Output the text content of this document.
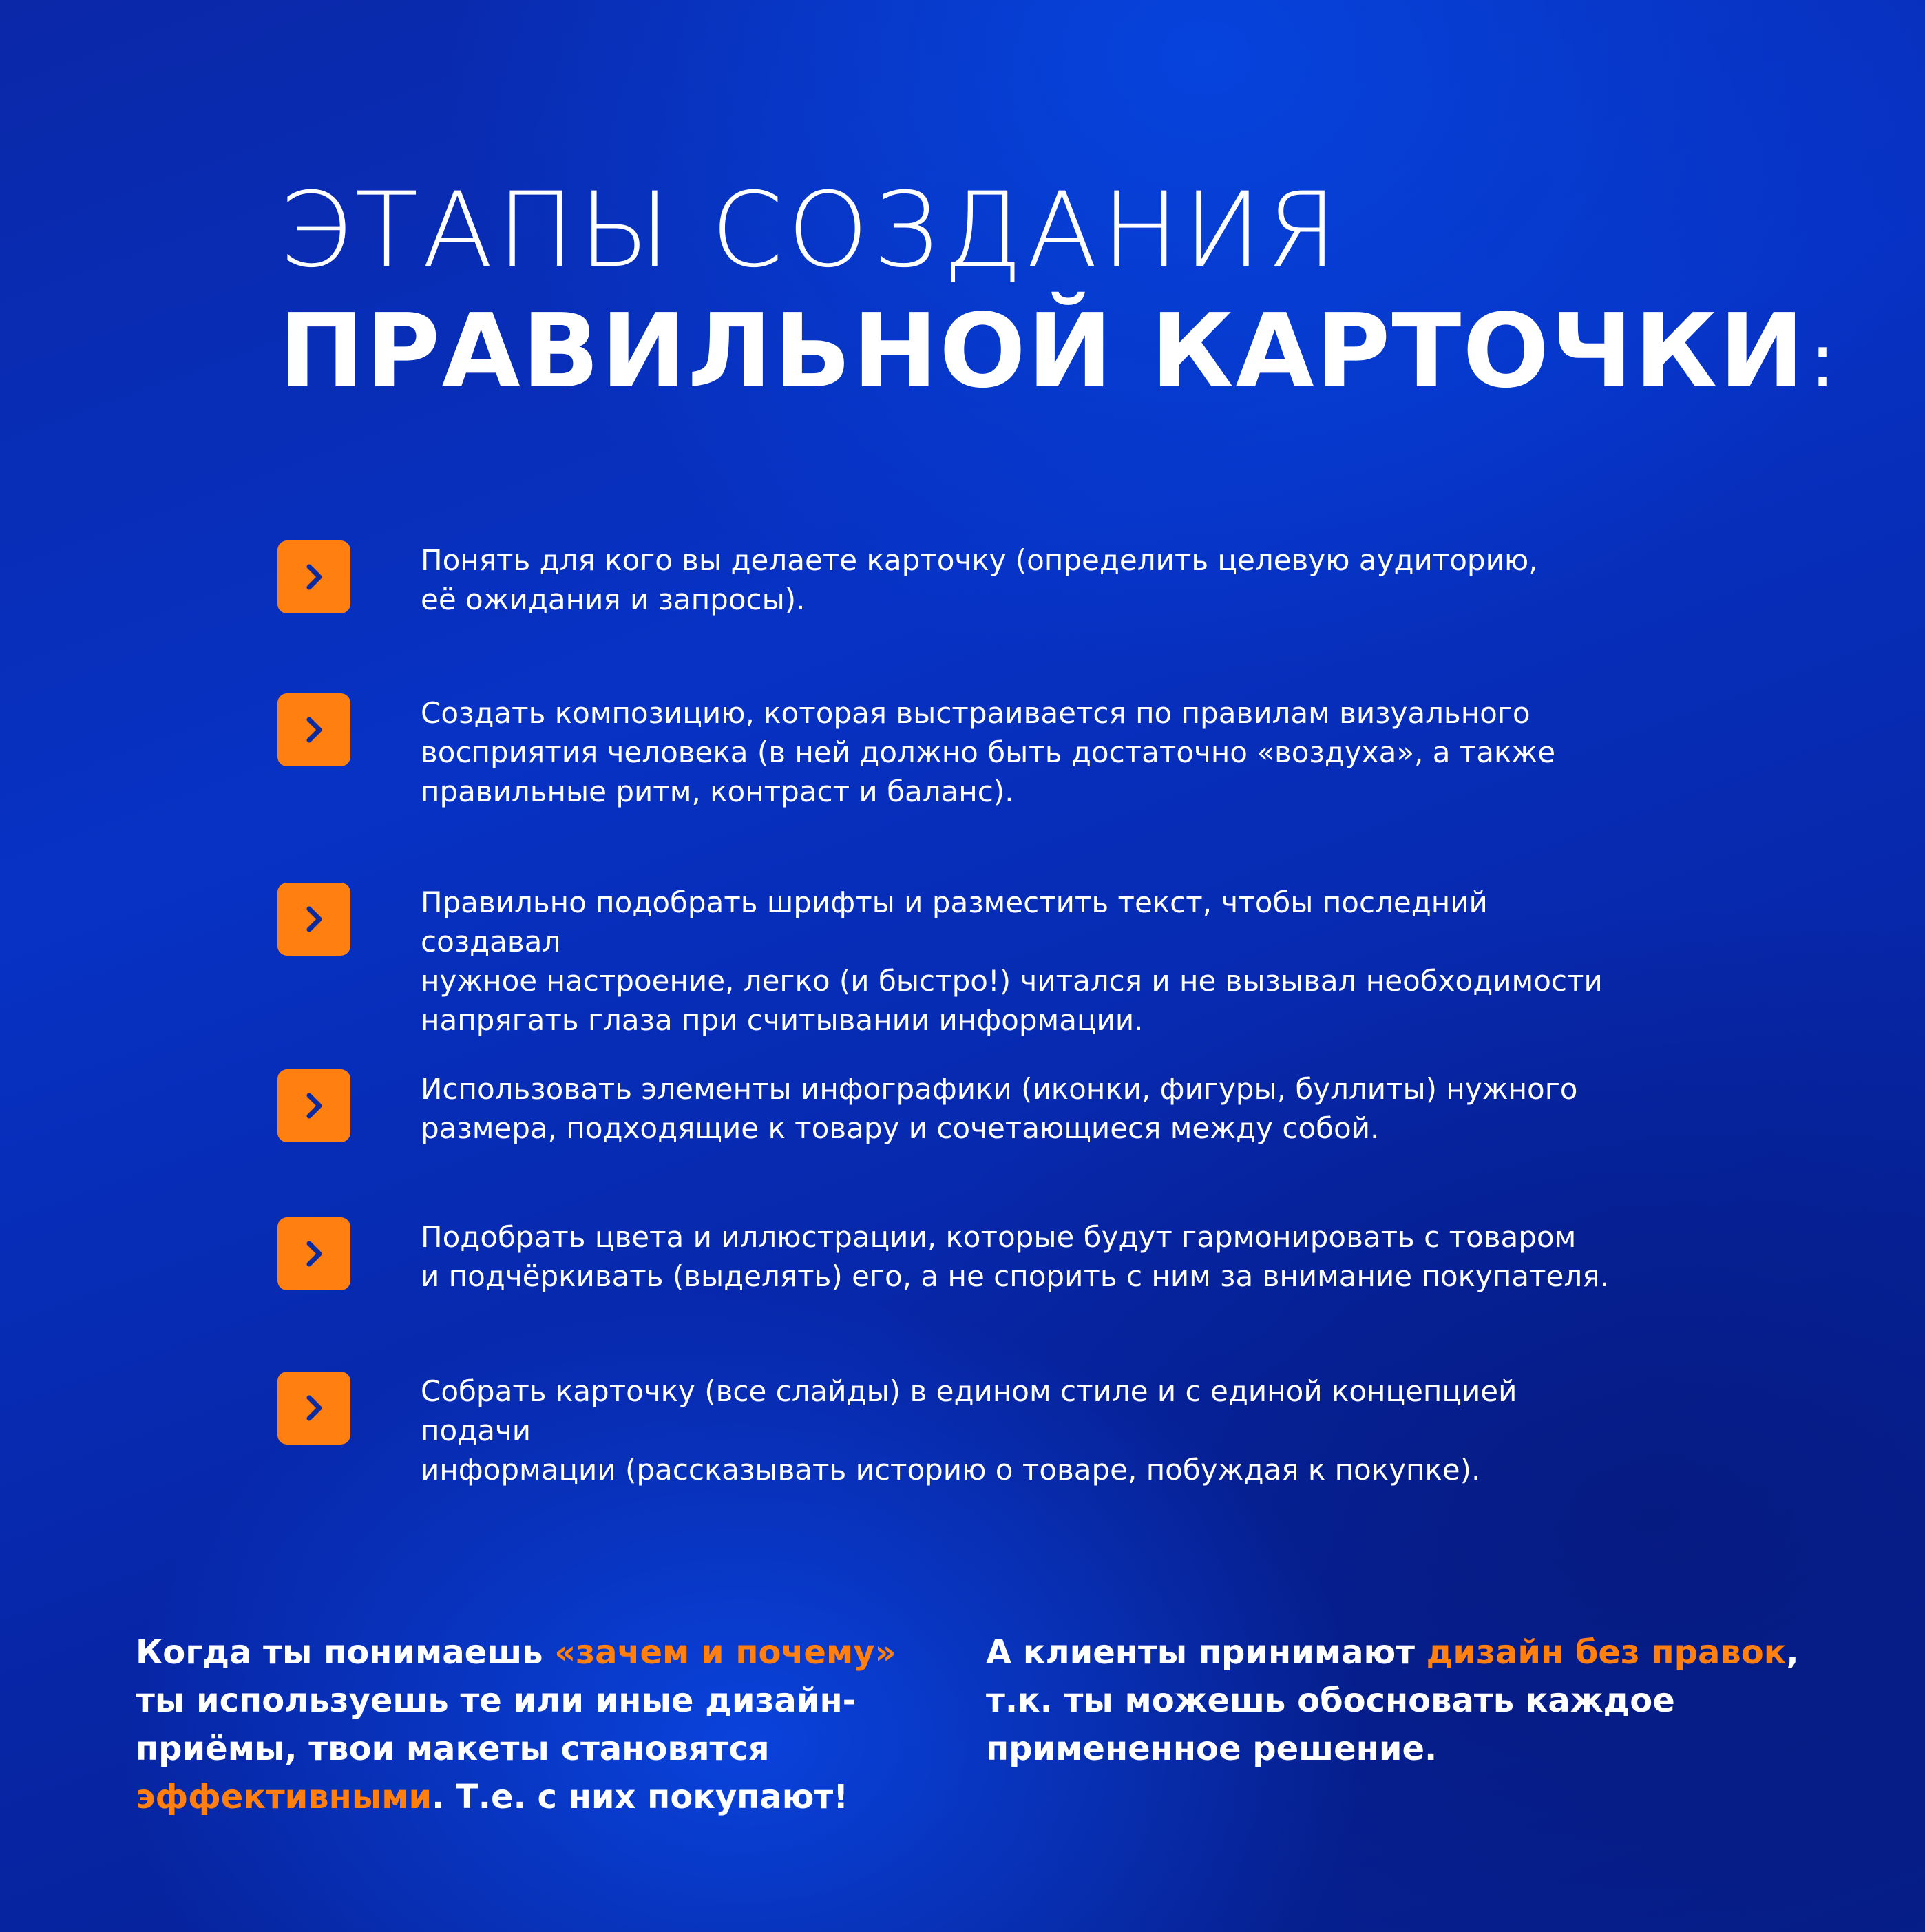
ЭТАПЫ СОЗДАНИЯ
ПРАВИЛЬНОЙ КАРТОЧКИ:
Понять для кого вы делаете карточку (определить целевую аудиторию,
её ожидания и запросы).
Создать композицию, которая выстраивается по правилам визуального
восприятия человека (в ней должно быть достаточно «воздуха», а также
правильные ритм, контраст и баланс).
Правильно подобрать шрифты и разместить текст, чтобы последний создавал
нужное настроение, легко (и быстро!) читался и не вызывал необходимости
напрягать глаза при считывании информации.
Использовать элементы инфографики (иконки, фигуры, буллиты) нужного
размера, подходящие к товару и сочетающиеся между собой.
Подобрать цвета и иллюстрации, которые будут гармонировать с товаром
и подчёркивать (выделять) его, а не спорить с ним за внимание покупателя.
Собрать карточку (все слайды) в едином стиле и с единой концепцией подачи
информации (рассказывать историю о товаре, побуждая к покупке).
Когда ты понимаешь «зачем и почему»
ты используешь те или иные дизайн-
приёмы, твои макеты становятся
эффективными. Т.е. с них покупают!
А клиенты принимают дизайн без правок,
т.к. ты можешь обосновать каждое
примененное решение.
